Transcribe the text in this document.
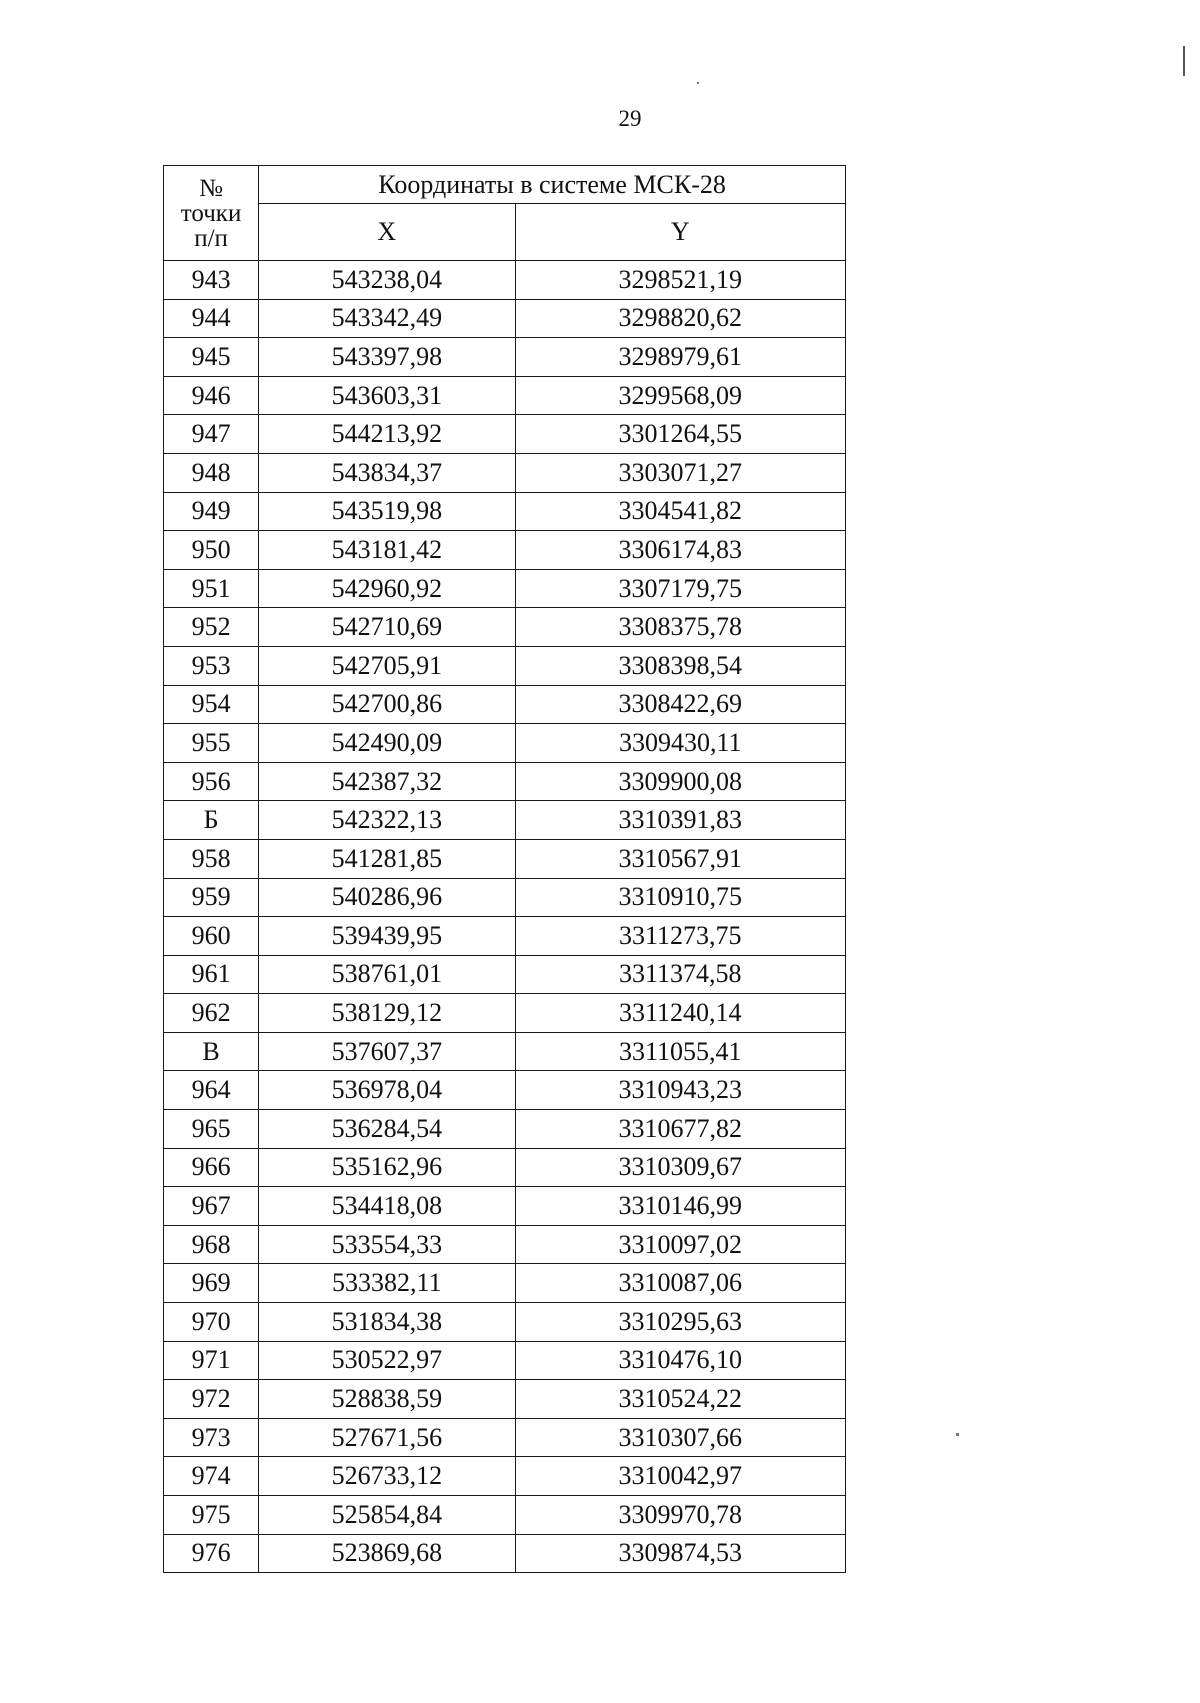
29
№
точки
п/п	Координаты в системе МСК-28	
	X	Y
943	543238,04	3298521,19
944	543342,49	3298820,62
945	543397,98	3298979,61
946	543603,31	3299568,09
947	544213,92	3301264,55
948	543834,37	3303071,27
949	543519,98	3304541,82
950	543181,42	3306174,83
951	542960,92	3307179,75
952	542710,69	3308375,78
953	542705,91	3308398,54
954	542700,86	3308422,69
955	542490,09	3309430,11
956	542387,32	3309900,08
Б	542322,13	3310391,83
958	541281,85	3310567,91
959	540286,96	3310910,75
960	539439,95	3311273,75
961	538761,01	3311374,58
962	538129,12	3311240,14
В	537607,37	3311055,41
964	536978,04	3310943,23
965	536284,54	3310677,82
966	535162,96	3310309,67
967	534418,08	3310146,99
968	533554,33	3310097,02
969	533382,11	3310087,06
970	531834,38	3310295,63
971	530522,97	3310476,10
972	528838,59	3310524,22
973	527671,56	3310307,66
974	526733,12	3310042,97
975	525854,84	3309970,78
976	523869,68	3309874,53
